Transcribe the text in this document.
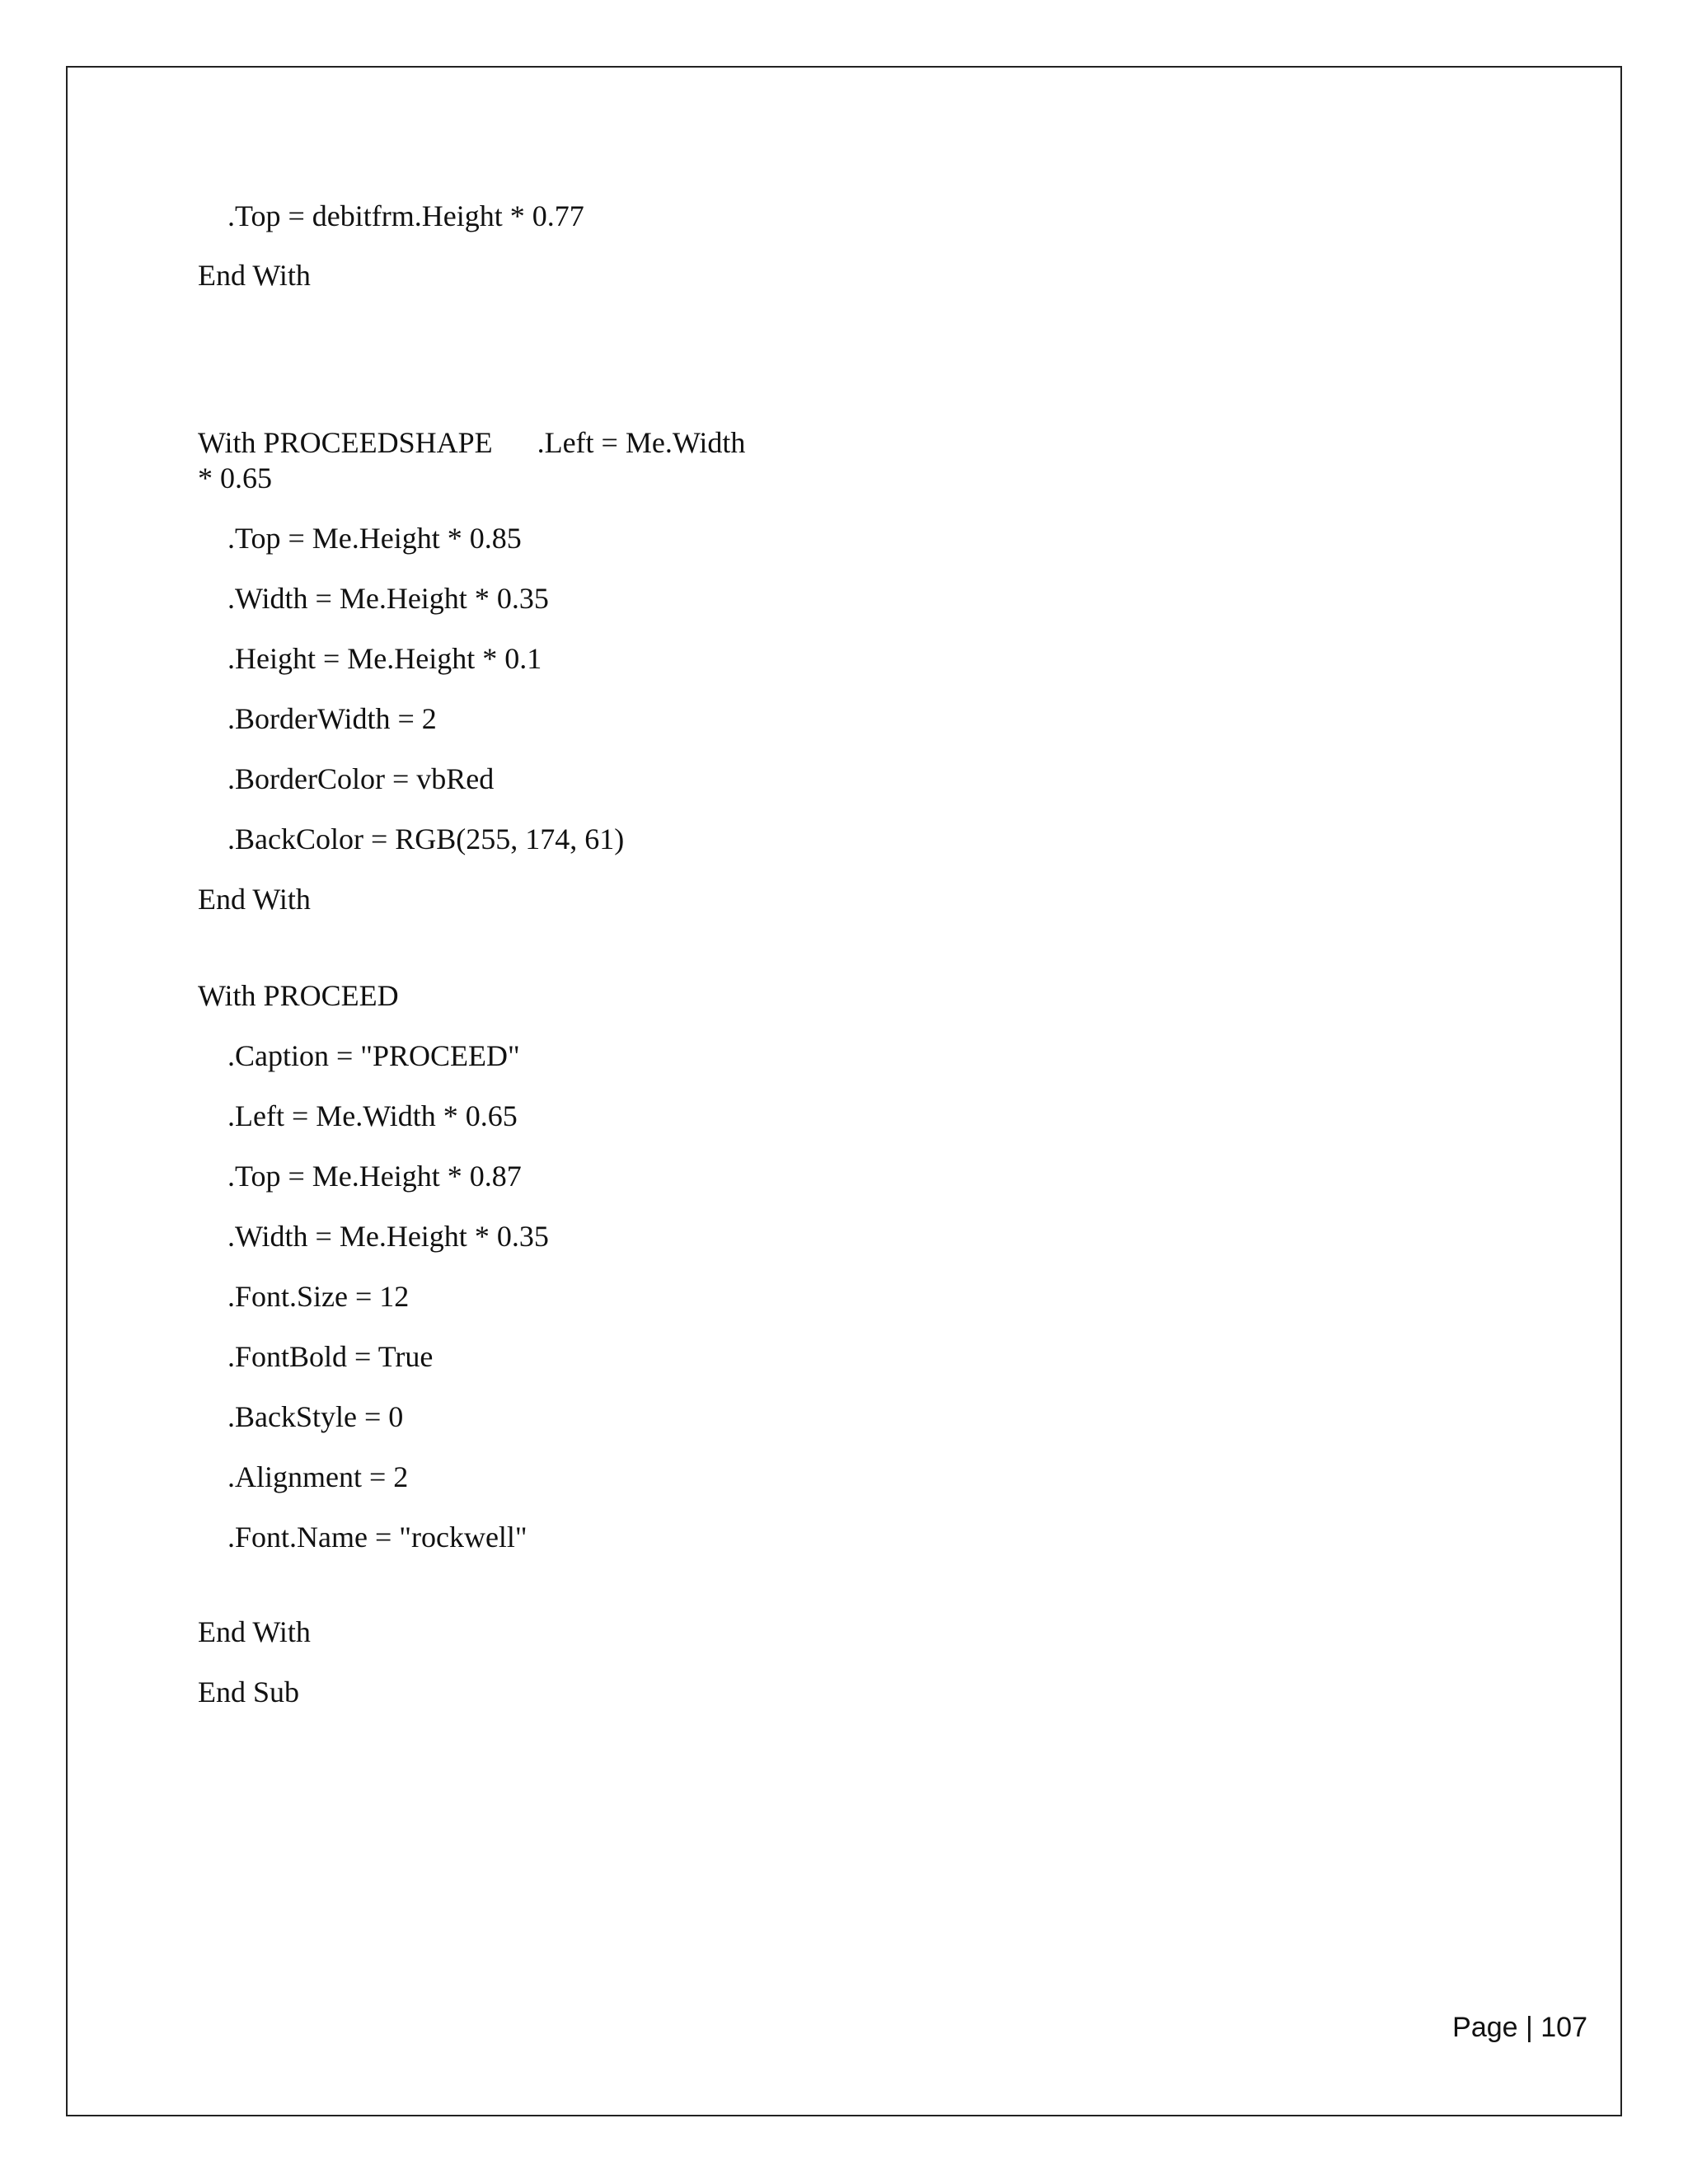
.Top = debitfrm.Height * 0.77
End With
With PROCEEDSHAPE      .Left = Me.Width
* 0.65
.Top = Me.Height * 0.85
.Width = Me.Height * 0.35
.Height = Me.Height * 0.1
.BorderWidth = 2
.BorderColor = vbRed
.BackColor = RGB(255, 174, 61)
End With
With PROCEED
.Caption = "PROCEED"
.Left = Me.Width * 0.65
.Top = Me.Height * 0.87
.Width = Me.Height * 0.35
.Font.Size = 12
.FontBold = True
.BackStyle = 0
.Alignment = 2
.Font.Name = "rockwell"
End With
End Sub
Page | 107
